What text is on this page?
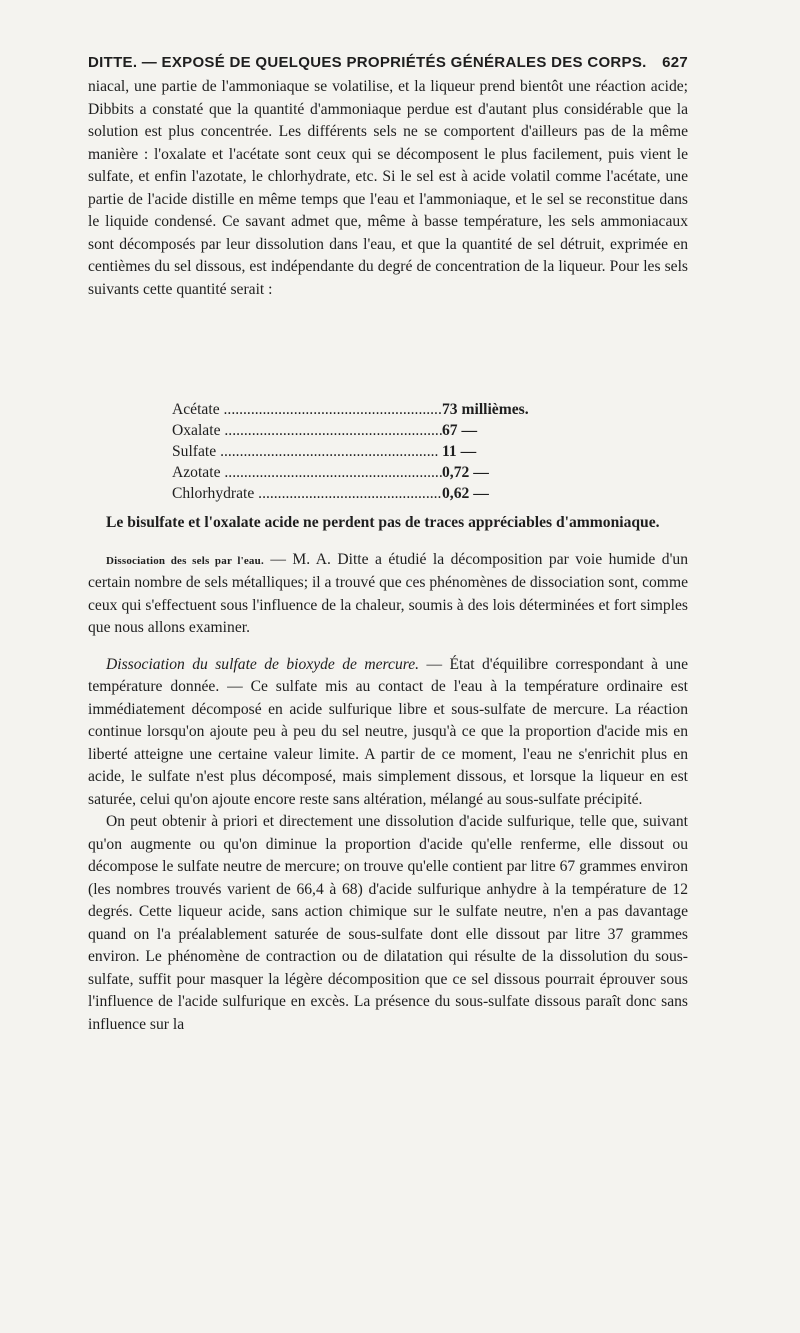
DITTE. — EXPOSÉ DE QUELQUES PROPRIÉTÉS GÉNÉRALES DES CORPS. 627

niacal, une partie de l'ammoniaque se volatilise, et la liqueur prend bientôt une réaction acide; Dibbits a constaté que la quantité d'ammoniaque perdue est d'autant plus considérable que la solution est plus concentrée. Les différents sels ne se comportent d'ailleurs pas de la même manière : l'oxalate et l'acétate sont ceux qui se décomposent le plus facilement, puis vient le sulfate, et enfin l'azotate, le chlorhydrate, etc. Si le sel est à acide volatil comme l'acétate, une partie de l'acide distille en même temps que l'eau et l'ammoniaque, et le sel se reconstitue dans le liquide condensé. Ce savant admet que, même à basse température, les sels ammoniacaux sont décomposés par leur dissolution dans l'eau, et que la quantité de sel détruit, exprimée en centièmes du sel dissous, est indépendante du degré de concentration de la liqueur. Pour les sels suivants cette quantité serait :

Acétate .....	73 millièmes.
Oxalate .....	67 —
Sulfate .....	11 —
Azotate .....	0,72 —
Chlorhydrate .....	0,62 —

Le bisulfate et l'oxalate acide ne perdent pas de traces appréciables d'ammoniaque.

Dissociation des sels par l'eau. — M. A. Ditte a étudié la décomposition par voie humide d'un certain nombre de sels métalliques; il a trouvé que ces phénomènes de dissociation sont, comme ceux qui s'effectuent sous l'influence de la chaleur, soumis à des lois déterminées et fort simples que nous allons examiner.

Dissociation du sulfate de bioxyde de mercure. — État d'équilibre correspondant à une température donnée. — Ce sulfate mis au contact de l'eau à la température ordinaire est immédiatement décomposé en acide sulfurique libre et sous-sulfate de mercure. La réaction continue lorsqu'on ajoute peu à peu du sel neutre, jusqu'à ce que la proportion d'acide mis en liberté atteigne une certaine valeur limite. A partir de ce moment, l'eau ne s'enrichit plus en acide, le sulfate n'est plus décomposé, mais simplement dissous, et lorsque la liqueur en est saturée, celui qu'on ajoute encore reste sans altération, mélangé au sous-sulfate précipité.

On peut obtenir à priori et directement une dissolution d'acide sulfurique, telle que, suivant qu'on augmente ou qu'on diminue la proportion d'acide qu'elle renferme, elle dissout ou décompose le sulfate neutre de mercure; on trouve qu'elle contient par litre 67 grammes environ (les nombres trouvés varient de 66,4 à 68) d'acide sulfurique anhydre à la température de 12 degrés. Cette liqueur acide, sans action chimique sur le sulfate neutre, n'en a pas davantage quand on l'a préalablement saturée de sous-sulfate dont elle dissout par litre 37 grammes environ. Le phénomène de contraction ou de dilatation qui résulte de la dissolution du sous-sulfate, suffit pour masquer la légère décomposition que ce sel dissous pourrait éprouver sous l'influence de l'acide sulfurique en excès. La présence du sous-sulfate dissous paraît donc sans influence sur la
